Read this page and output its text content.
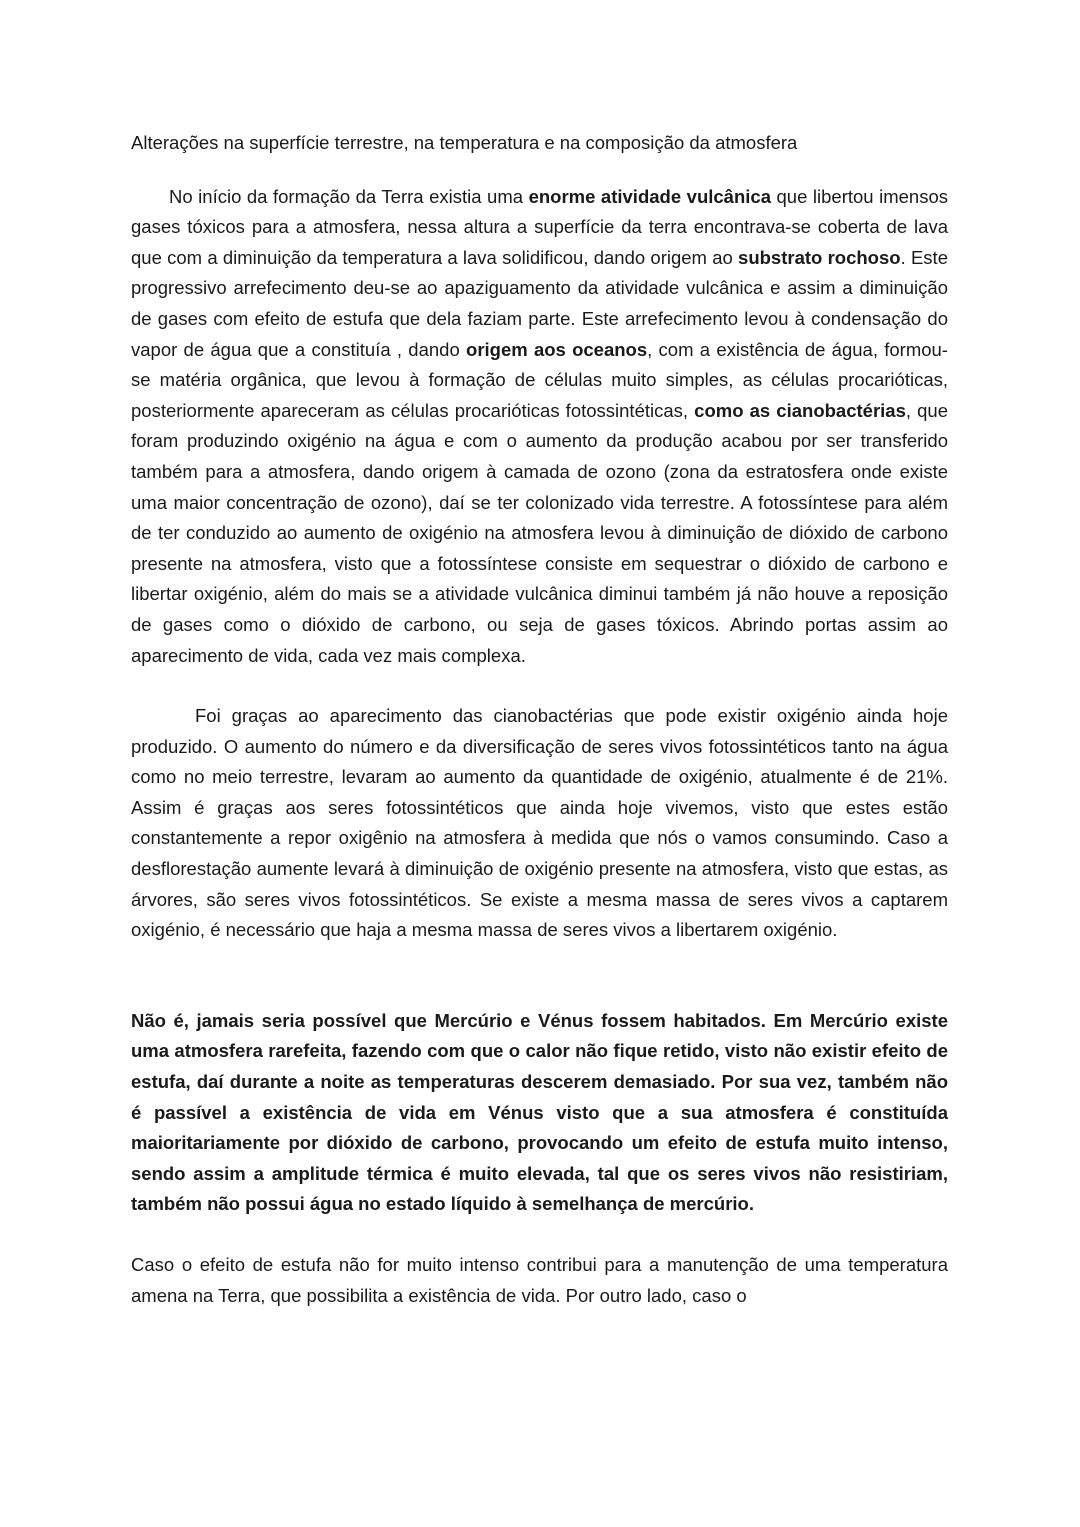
Alterações na superfície terrestre, na temperatura e na composição da atmosfera

No início da formação da Terra existia uma enorme atividade vulcânica que libertou imensos gases tóxicos para a atmosfera, nessa altura a superfície da terra encontrava-se coberta de lava que com a diminuição da temperatura a lava solidificou, dando origem ao substrato rochoso. Este progressivo arrefecimento deu-se ao apaziguamento da atividade vulcânica e assim a diminuição de gases com efeito de estufa que dela faziam parte. Este arrefecimento levou à condensação do vapor de água que a constituía , dando origem aos oceanos, com a existência de água, formou-se matéria orgânica, que levou à formação de células muito simples, as células procarióticas, posteriormente apareceram as células procarióticas fotossintéticas, como as cianobactérias, que foram produzindo oxigénio na água e com o aumento da produção acabou por ser transferido também para a atmosfera, dando origem à camada de ozono (zona da estratosfera onde existe uma maior concentração de ozono), daí se ter colonizado vida terrestre. A fotossíntese para além de ter conduzido ao aumento de oxigénio na atmosfera levou à diminuição de dióxido de carbono presente na atmosfera, visto que a fotossíntese consiste em sequestrar o dióxido de carbono e libertar oxigénio, além do mais se a atividade vulcânica diminui também já não houve a reposição de gases como o dióxido de carbono, ou seja de gases tóxicos. Abrindo portas assim ao aparecimento de vida, cada vez mais complexa.

Foi graças ao aparecimento das cianobactérias que pode existir oxigénio ainda hoje produzido. O aumento do número e da diversificação de seres vivos fotossintéticos tanto na água como no meio terrestre, levaram ao aumento da quantidade de oxigénio, atualmente é de 21%. Assim é graças aos seres fotossintéticos que ainda hoje vivemos, visto que estes estão constantemente a repor oxigênio na atmosfera à medida que nós o vamos consumindo. Caso a desflorestação aumente levará à diminuição de oxigénio presente na atmosfera, visto que estas, as árvores, são seres vivos fotossintéticos. Se existe a mesma massa de seres vivos a captarem oxigénio, é necessário que haja a mesma massa de seres vivos a libertarem oxigénio.

Não é, jamais seria possível que Mercúrio e Vénus fossem habitados. Em Mercúrio existe uma atmosfera rarefeita, fazendo com que o calor não fique retido, visto não existir efeito de estufa, daí durante a noite as temperaturas descerem demasiado. Por sua vez, também não é passível a existência de vida em Vénus visto que a sua atmosfera é constituída maioritariamente por dióxido de carbono, provocando um efeito de estufa muito intenso, sendo assim a amplitude térmica é muito elevada, tal que os seres vivos não resistiriam, também não possui água no estado líquido à semelhança de mercúrio.

Caso o efeito de estufa não for muito intenso contribui para a manutenção de uma temperatura amena na Terra, que possibilita a existência de vida. Por outro lado, caso o
